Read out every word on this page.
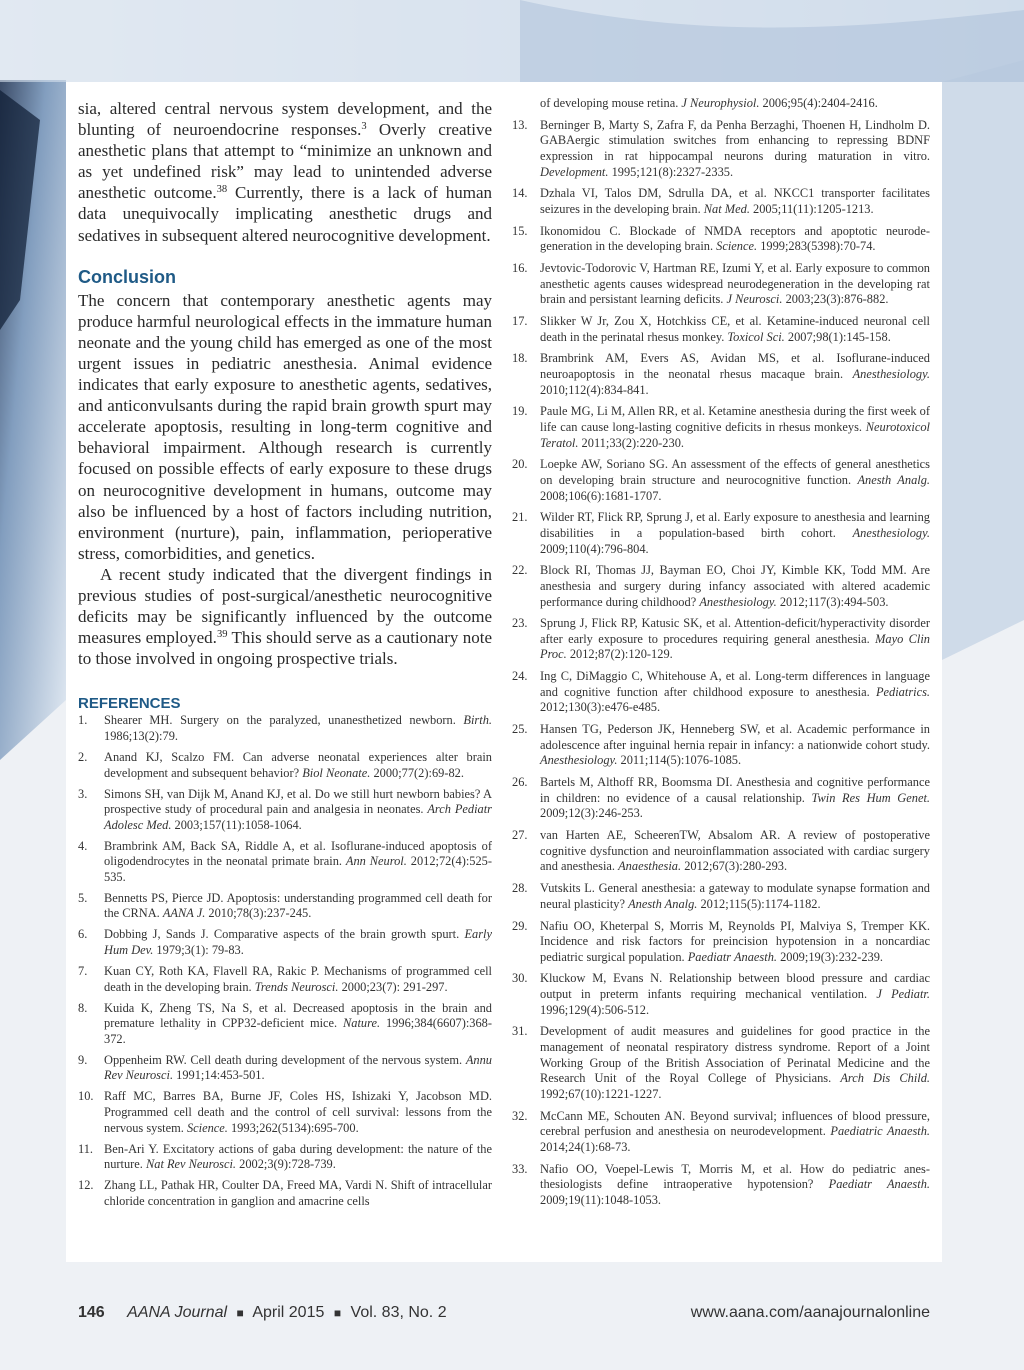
sia, altered central nervous system development, and the blunting of neuroendocrine responses.$^3$ Overly creative anesthetic plans that attempt to “minimize an unknown and as yet undefined risk” may lead to unintended adverse anesthetic outcome.$^{38}$ Currently, there is a lack of human data unequivocally implicating anesthetic drugs and sedatives in subsequent altered neurocognitive development.

Conclusion

The concern that contemporary anesthetic agents may produce harmful neurological effects in the immature human neonate and the young child has emerged as one of the most urgent issues in pediatric anesthesia. Animal evidence indicates that early exposure to anesthetic agents, sedatives, and anticonvulsants during the rapid brain growth spurt may accelerate apoptosis, resulting in long-term cognitive and behavioral impairment. Although research is currently focused on possible effects of early exposure to these drugs on neurocognitive development in humans, outcome may also be influenced by a host of factors including nutrition, environment (nurture), pain, inflammation, perioperative stress, comorbidities, and genetics.

A recent study indicated that the divergent findings in previous studies of post-surgical/anesthetic neurocognitive deficits may be significantly influenced by the outcome measures employed.$^{39}$ This should serve as a cautionary note to those involved in ongoing prospective trials.

REFERENCES
1.	Shearer MH. Surgery on the paralyzed, unanesthetized newborn. Birth. 1986;13(2):79.
2.	Anand KJ, Scalzo FM. Can adverse neonatal experiences alter brain development and subsequent behavior? Biol Neonate. 2000;77(2):69-82.
3.	Simons SH, van Dijk M, Anand KJ, et al. Do we still hurt newborn babies? A prospective study of procedural pain and analgesia in neonates. Arch Pediatr Adolesc Med. 2003;157(11):1058-1064.
4.	Brambrink AM, Back SA, Riddle A, et al. Isoflurane-induced apoptosis of oligodendrocytes in the neonatal primate brain. Ann Neurol. 2012;72(4):525-535.
5.	Bennetts PS, Pierce JD. Apoptosis: understanding programmed cell death for the CRNA. AANA J. 2010;78(3):237-245.
6.	Dobbing J, Sands J. Comparative aspects of the brain growth spurt. Early Hum Dev. 1979;3(1): 79-83.
7.	Kuan CY, Roth KA, Flavell RA, Rakic P. Mechanisms of programmed cell death in the developing brain. Trends Neurosci. 2000;23(7): 291-297.
8.	Kuida K, Zheng TS, Na S, et al. Decreased apoptosis in the brain and premature lethality in CPP32-deficient mice. Nature. 1996;384(6607):368-372.
9.	Oppenheim RW. Cell death during development of the nervous system. Annu Rev Neurosci. 1991;14:453-501.
10. Raff MC, Barres BA, Burne JF, Coles HS, Ishizaki Y, Jacobson MD. Programmed cell death and the control of cell survival: lessons from the nervous system. Science. 1993;262(5134):695-700.
11. Ben-Ari Y. Excitatory actions of gaba during development: the nature of the nurture. Nat Rev Neurosci. 2002;3(9):728-739.
12. Zhang LL, Pathak HR, Coulter DA, Freed MA, Vardi N. Shift of intracellular chloride concentration in ganglion and amacrine cells
of developing mouse retina. J Neurophysiol. 2006;95(4):2404-2416.
13.	Berninger B, Marty S, Zafra F, da Penha Berzaghi, Thoenen H, Lindholm D. GABAergic stimulation switches from enhancing to repressing BDNF expression in rat hippocampal neurons during maturation in vitro. Development. 1995;121(8):2327-2335.
14.	Dzhala VI, Talos DM, Sdrulla DA, et al. NKCC1 transporter facilitates seizures in the developing brain. Nat Med. 2005;11(11):1205-1213.
15.	Ikonomidou C. Blockade of NMDA receptors and apoptotic neurodegeneration in the developing brain. Science. 1999;283(5398):70-74.
16.	Jevtovic-Todorovic V, Hartman RE, Izumi Y, et al. Early exposure to common anesthetic agents causes widespread neurodegeneration in the developing rat brain and persistant learning deficits. J Neurosci. 2003;23(3):876-882.
17.	Slikker W Jr, Zou X, Hotchkiss CE, et al. Ketamine-induced neuronal cell death in the perinatal rhesus monkey. Toxicol Sci. 2007;98(1):145-158.
18.	Brambrink AM, Evers AS, Avidan MS, et al. Isoflurane-induced neuroapoptosis in the neonatal rhesus macaque brain. Anesthesiology. 2010;112(4):834-841.
19.	Paule MG, Li M, Allen RR, et al. Ketamine anesthesia during the first week of life can cause long-lasting cognitive deficits in rhesus monkeys. Neurotoxicol Teratol. 2011;33(2):220-230.
20.	Loepke AW, Soriano SG. An assessment of the effects of general anesthetics on developing brain structure and neurocognitive function. Anesth Analg. 2008;106(6):1681-1707.
21.	Wilder RT, Flick RP, Sprung J, et al. Early exposure to anesthesia and learning disabilities in a population-based birth cohort. Anesthesiology. 2009;110(4):796-804.
22.	Block RI, Thomas JJ, Bayman EO, Choi JY, Kimble KK, Todd MM. Are anesthesia and surgery during infancy associated with altered academic performance during childhood? Anesthesiology. 2012;117(3):494-503.
23.	Sprung J, Flick RP, Katusic SK, et al. Attention-deficit/hyperactivity disorder after early exposure to procedures requiring general anesthesia. Mayo Clin Proc. 2012;87(2):120-129.
24.	Ing C, DiMaggio C, Whitehouse A, et al. Long-term differences in language and cognitive function after childhood exposure to anesthesia. Pediatrics. 2012;130(3):e476-e485.
25.	Hansen TG, Pederson JK, Henneberg SW, et al. Academic performance in adolescence after inguinal hernia repair in infancy: a nationwide cohort study. Anesthesiology. 2011;114(5):1076-1085.
26.	Bartels M, Althoff RR, Boomsma DI. Anesthesia and cognitive performance in children: no evidence of a causal relationship. Twin Res Hum Genet. 2009;12(3):246-253.
27.	van Harten AE, ScheerenTW, Absalom AR. A review of postoperative cognitive dysfunction and neuroinflammation associated with cardiac surgery and anesthesia. Anaesthesia. 2012;67(3):280-293.
28.	Vutskits L. General anesthesia: a gateway to modulate synapse formation and neural plasticity? Anesth Analg. 2012;115(5):1174-1182.
29.	Nafiu OO, Kheterpal S, Morris M, Reynolds PI, Malviya S, Tremper KK. Incidence and risk factors for preincision hypotension in a noncardiac pediatric surgical population. Paediatr Anaesth. 2009;19(3):232-239.
30.	Kluckow M, Evans N. Relationship between blood pressure and cardiac output in preterm infants requiring mechanical ventilation. J Pediatr. 1996;129(4):506-512.
31.	Development of audit measures and guidelines for good practice in the management of neonatal respiratory distress syndrome. Report of a Joint Working Group of the British Association of Perinatal Medicine and the Research Unit of the Royal College of Physicians. Arch Dis Child. 1992;67(10):1221-1227.
32.	McCann ME, Schouten AN. Beyond survival; influences of blood pressure, cerebral perfusion and anesthesia on neurodevelopment. Paediatric Anaesth. 2014;24(1):68-73.
33.	Nafio OO, Voepel-Lewis T, Morris M, et al. How do pediatric anesthesiologists define intraoperative hypotension? Paediatr Anaesth. 2009;19(11):1048-1053.
146 AANA Journal ■ April 2015 ■ Vol. 83, No. 2	www.aana.com/aanajournalonline
